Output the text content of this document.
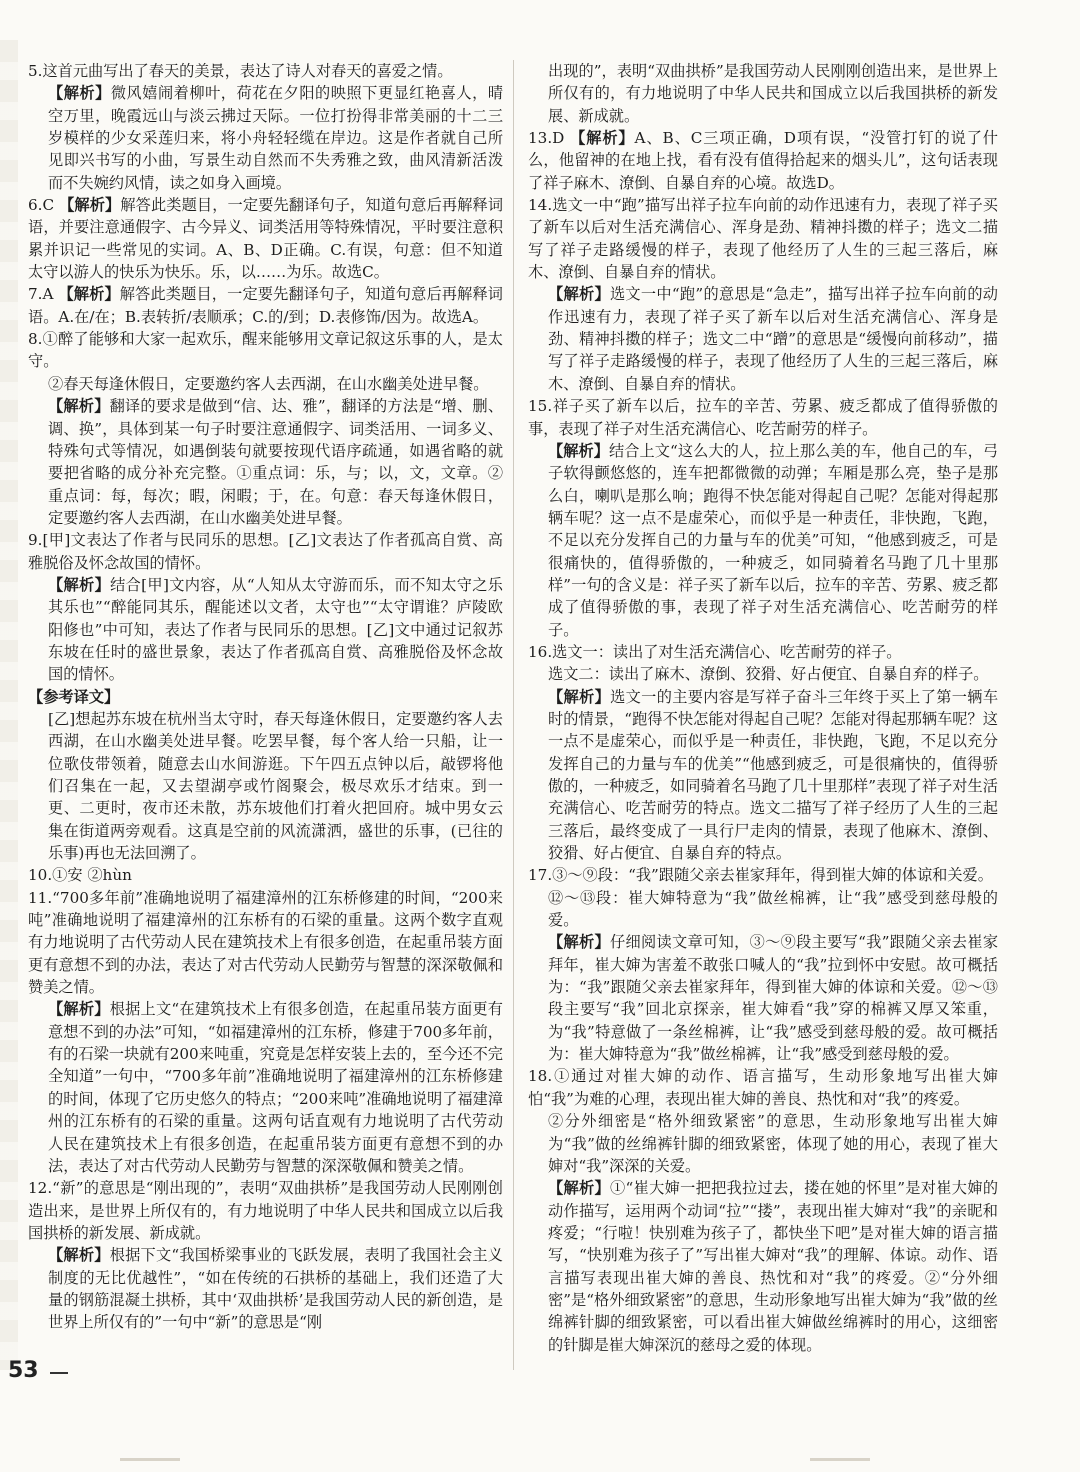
5.这首元曲写出了春天的美景，表达了诗人对春天的喜爱之情。

【解析】微风嬉闹着柳叶，荷花在夕阳的映照下更显红艳喜人，晴空万里，晚霞远山与淡云拂过天际。一位打扮得非常美丽的十二三岁模样的少女采莲归来，将小舟轻轻缆在岸边。这是作者就自己所见即兴书写的小曲，写景生动自然而不失秀雅之致，曲风清新活泼而不失婉约风情，读之如身入画境。

6.C 【解析】解答此类题目，一定要先翻译句子，知道句意后再解释词语，并要注意通假字、古今异义、词类活用等特殊情况，平时要注意积累并识记一些常见的实词。A、B、D正确。C.有误，句意：但不知道太守以游人的快乐为快乐。乐，以……为乐。故选C。

7.A 【解析】解答此类题目，一定要先翻译句子，知道句意后再解释词语。A.在/在；B.表转折/表顺承；C.的/到；D.表修饰/因为。故选A。

8.①醉了能够和大家一起欢乐，醒来能够用文章记叙这乐事的人，是太守。

②春天每逢休假日，定要邀约客人去西湖，在山水幽美处进早餐。

【解析】翻译的要求是做到“信、达、雅”，翻译的方法是“增、删、调、换”，具体到某一句子时要注意通假字、词类活用、一词多义、特殊句式等情况，如遇倒装句就要按现代语序疏通，如遇省略的就要把省略的成分补充完整。①重点词：乐，与；以，文，文章。②重点词：每，每次；暇，闲暇；于，在。句意：春天每逢休假日，定要邀约客人去西湖，在山水幽美处进早餐。

9.[甲]文表达了作者与民同乐的思想。[乙]文表达了作者孤高自赏、高雅脱俗及怀念故国的情怀。

【解析】结合[甲]文内容，从“人知从太守游而乐，而不知太守之乐其乐也”“醉能同其乐，醒能述以文者，太守也”“太守谓谁？庐陵欧阳修也”中可知，表达了作者与民同乐的思想。[乙]文中通过记叙苏东坡在任时的盛世景象，表达了作者孤高自赏、高雅脱俗及怀念故国的情怀。

【参考译文】

[乙]想起苏东坡在杭州当太守时，春天每逢休假日，定要邀约客人去西湖，在山水幽美处进早餐。吃罢早餐，每个客人给一只船，让一位歌伎带领着，随意去山水间游逛。下午四五点钟以后，敲锣将他们召集在一起，又去望湖亭或竹阁聚会，极尽欢乐才结束。到一更、二更时，夜市还未散，苏东坡他们打着火把回府。城中男女云集在街道两旁观看。这真是空前的风流潇洒，盛世的乐事，(已往的乐事)再也无法回溯了。

10.①安 ②hùn

11.“700多年前”准确地说明了福建漳州的江东桥修建的时间，“200来吨”准确地说明了福建漳州的江东桥有的石梁的重量。这两个数字直观有力地说明了古代劳动人民在建筑技术上有很多创造，在起重吊装方面更有意想不到的办法，表达了对古代劳动人民勤劳与智慧的深深敬佩和赞美之情。

【解析】根据上文“在建筑技术上有很多创造，在起重吊装方面更有意想不到的办法”可知，“如福建漳州的江东桥，修建于700多年前，有的石梁一块就有200来吨重，究竟是怎样安装上去的，至今还不完全知道”一句中，“700多年前”准确地说明了福建漳州的江东桥修建的时间，体现了它历史悠久的特点；“200来吨”准确地说明了福建漳州的江东桥有的石梁的重量。这两句话直观有力地说明了古代劳动人民在建筑技术上有很多创造，在起重吊装方面更有意想不到的办法，表达了对古代劳动人民勤劳与智慧的深深敬佩和赞美之情。

12.“新”的意思是“刚出现的”，表明“双曲拱桥”是我国劳动人民刚刚创造出来，是世界上所仅有的，有力地说明了中华人民共和国成立以后我国拱桥的新发展、新成就。

【解析】根据下文“我国桥梁事业的飞跃发展，表明了我国社会主义制度的无比优越性”，“如在传统的石拱桥的基础上，我们还造了大量的钢筋混凝土拱桥，其中‘双曲拱桥’是我国劳动人民的新创造，是世界上所仅有的”一句中“新”的意思是“刚

出现的”，表明“双曲拱桥”是我国劳动人民刚刚创造出来，是世界上所仅有的，有力地说明了中华人民共和国成立以后我国拱桥的新发展、新成就。

13.D 【解析】A、B、C三项正确，D项有误，“没管打钉的说了什么，他留神的在地上找，看有没有值得拾起来的烟头儿”，这句话表现了祥子麻木、潦倒、自暴自弃的心境。故选D。

14.选文一中“跑”描写出祥子拉车向前的动作迅速有力，表现了祥子买了新车以后对生活充满信心、浑身是劲、精神抖擞的样子；选文二描写了祥子走路缓慢的样子，表现了他经历了人生的三起三落后，麻木、潦倒、自暴自弃的情状。

【解析】选文一中“跑”的意思是“急走”，描写出祥子拉车向前的动作迅速有力，表现了祥子买了新车以后对生活充满信心、浑身是劲、精神抖擞的样子；选文二中“蹭”的意思是“缓慢向前移动”，描写了祥子走路缓慢的样子，表现了他经历了人生的三起三落后，麻木、潦倒、自暴自弃的情状。

15.祥子买了新车以后，拉车的辛苦、劳累、疲乏都成了值得骄傲的事，表现了祥子对生活充满信心、吃苦耐劳的样子。

【解析】结合上文“这么大的人，拉上那么美的车，他自己的车，弓子软得颤悠悠的，连车把都微微的动弹；车厢是那么亮，垫子是那么白，喇叭是那么响；跑得不快怎能对得起自己呢？怎能对得起那辆车呢？这一点不是虚荣心，而似乎是一种责任，非快跑，飞跑，不足以充分发挥自己的力量与车的优美”可知，“他感到疲乏，可是很痛快的，值得骄傲的，一种疲乏，如同骑着名马跑了几十里那样”一句的含义是：祥子买了新车以后，拉车的辛苦、劳累、疲乏都成了值得骄傲的事，表现了祥子对生活充满信心、吃苦耐劳的样子。

16.选文一：读出了对生活充满信心、吃苦耐劳的祥子。

选文二：读出了麻木、潦倒、狡猾、好占便宜、自暴自弃的样子。

【解析】选文一的主要内容是写祥子奋斗三年终于买上了第一辆车时的情景，“跑得不快怎能对得起自己呢？怎能对得起那辆车呢？这一点不是虚荣心，而似乎是一种责任，非快跑，飞跑，不足以充分发挥自己的力量与车的优美”“他感到疲乏，可是很痛快的，值得骄傲的，一种疲乏，如同骑着名马跑了几十里那样”表现了祥子对生活充满信心、吃苦耐劳的特点。选文二描写了祥子经历了人生的三起三落后，最终变成了一具行尸走肉的情景，表现了他麻木、潦倒、狡猾、好占便宜、自暴自弃的特点。

17.③～⑨段：“我”跟随父亲去崔家拜年，得到崔大婶的体谅和关爱。

⑫～⑬段：崔大婶特意为“我”做丝棉裤，让“我”感受到慈母般的爱。

【解析】仔细阅读文章可知，③～⑨段主要写“我”跟随父亲去崔家拜年，崔大婶为害羞不敢张口喊人的“我”拉到怀中安慰。故可概括为：“我”跟随父亲去崔家拜年，得到崔大婶的体谅和关爱。⑫～⑬段主要写“我”回北京探亲，崔大婶看“我”穿的棉裤又厚又笨重，为“我”特意做了一条丝棉裤，让“我”感受到慈母般的爱。故可概括为：崔大婶特意为“我”做丝棉裤，让“我”感受到慈母般的爱。

18.①通过对崔大婶的动作、语言描写，生动形象地写出崔大婶怕“我”为难的心理，表现出崔大婶的善良、热忱和对“我”的疼爱。

②分外细密是“格外细致紧密”的意思，生动形象地写出崔大婶为“我”做的丝绵裤针脚的细致紧密，体现了她的用心，表现了崔大婶对“我”深深的关爱。

【解析】①“崔大婶一把把我拉过去，搂在她的怀里”是对崔大婶的动作描写，运用两个动词“拉”“搂”，表现出崔大婶对“我”的亲昵和疼爱；“行啦！快别难为孩子了，都快坐下吧”是对崔大婶的语言描写，“快别难为孩子了”写出崔大婶对“我”的理解、体谅。动作、语言描写表现出崔大婶的善良、热忱和对“我”的疼爱。②“分外细密”是“格外细致紧密”的意思，生动形象地写出崔大婶为“我”做的丝绵裤针脚的细致紧密，可以看出崔大婶做丝绵裤时的用心，这细密的针脚是崔大婶深沉的慈母之爱的体现。

53
